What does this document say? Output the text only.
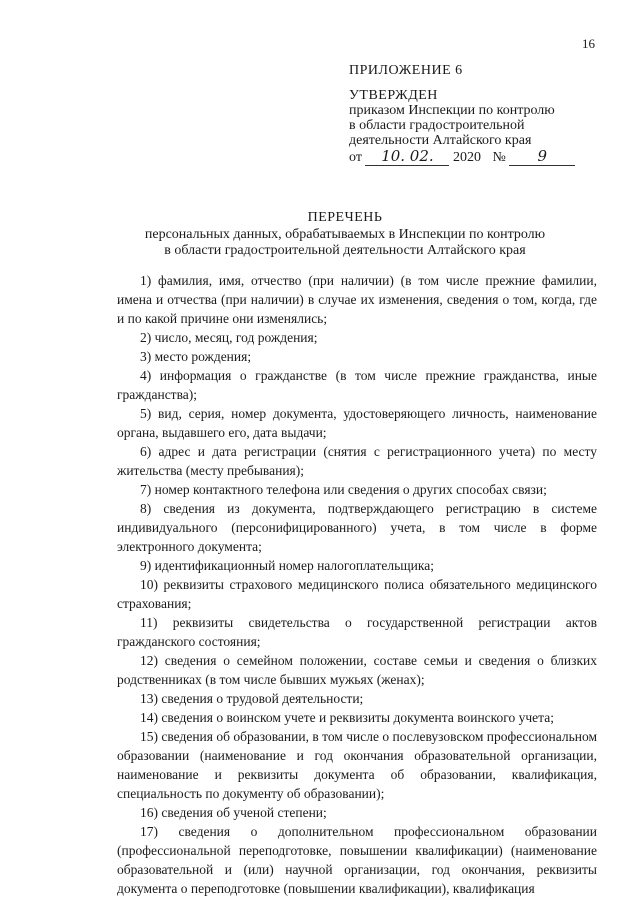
16
ПРИЛОЖЕНИЕ 6
УТВЕРЖДЕН
приказом Инспекции по контролю
в области градостроительной
деятельности Алтайского края
от 10. 02. 2020 № 9
ПЕРЕЧЕНЬ
персональных данных, обрабатываемых в Инспекции по контролю
в области градостроительной деятельности Алтайского края

1) фамилия, имя, отчество (при наличии) (в том числе прежние фамилии, имена и отчества (при наличии) в случае их изменения, сведения о том, когда, где и по какой причине они изменялись;

2) число, месяц, год рождения;

3) место рождения;

4) информация о гражданстве (в том числе прежние гражданства, иные гражданства);

5) вид, серия, номер документа, удостоверяющего личность, наименование органа, выдавшего его, дата выдачи;

6) адрес и дата регистрации (снятия с регистрационного учета) по месту жительства (месту пребывания);

7) номер контактного телефона или сведения о других способах связи;

8) сведения из документа, подтверждающего регистрацию в системе индивидуального (персонифицированного) учета, в том числе в форме электронного документа;

9) идентификационный номер налогоплательщика;

10) реквизиты страхового медицинского полиса обязательного медицинского страхования;

11) реквизиты свидетельства о государственной регистрации актов гражданского состояния;

12) сведения о семейном положении, составе семьи и сведения о близких родственниках (в том числе бывших мужьях (женах);

13) сведения о трудовой деятельности;

14) сведения о воинском учете и реквизиты документа воинского учета;

15) сведения об образовании, в том числе о послевузовском профессиональном образовании (наименование и год окончания образовательной организации, наименование и реквизиты документа об образовании, квалификация, специальность по документу об образовании);

16) сведения об ученой степени;

17) сведения о дополнительном профессиональном образовании (профессиональной переподготовке, повышении квалификации) (наименование образовательной и (или) научной организации, год окончания, реквизиты документа о переподготовке (повышении квалификации), квалификация
